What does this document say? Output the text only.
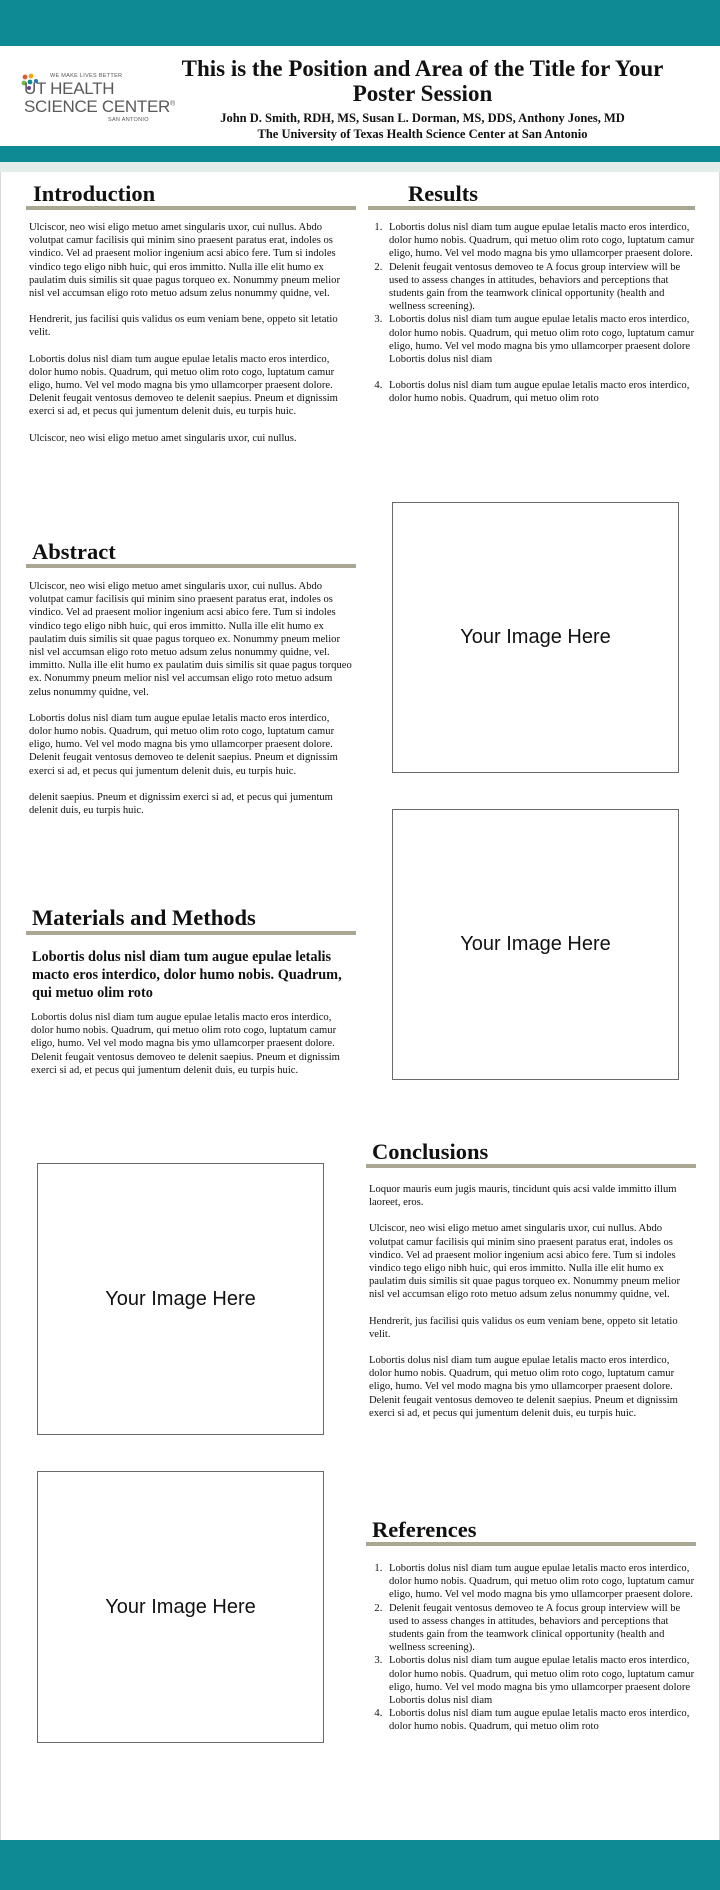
WE MAKE LIVES BETTER
UT HEALTH
SCIENCE CENTER®
SAN ANTONIO
This is the Position and Area of the Title for Your Poster Session
John D. Smith, RDH, MS, Susan L. Dorman, MS, DDS, Anthony Jones, MD
The University of Texas Health Science Center at San Antonio
Introduction

Ulciscor, neo wisi eligo metuo amet singularis uxor, cui nullus. Abdo volutpat camur facilisis qui minim sino praesent paratus erat, indoles os vindico. Vel ad praesent molior ingenium acsi abico fere. Tum si indoles vindico tego eligo nibh huic, qui eros immitto. Nulla ille elit humo ex paulatim duis similis sit quae pagus torqueo ex. Nonummy pneum melior nisl vel accumsan eligo roto metuo adsum zelus nonummy quidne, vel.

Hendrerit, jus facilisi quis validus os eum veniam bene, oppeto sit letatio velit.

Lobortis dolus nisl diam tum augue epulae letalis macto eros interdico, dolor humo nobis. Quadrum, qui metuo olim roto cogo, luptatum camur eligo, humo. Vel vel modo magna bis ymo ullamcorper praesent dolore. Delenit feugait ventosus demoveo te delenit saepius. Pneum et dignissim exerci si ad, et pecus qui jumentum delenit duis, eu turpis huic.

Ulciscor, neo wisi eligo metuo amet singularis uxor, cui nullus.

Results
1. Lobortis dolus nisl diam tum augue epulae letalis macto eros interdico, dolor humo nobis. Quadrum, qui metuo olim roto cogo, luptatum camur eligo, humo. Vel vel modo magna bis ymo ullamcorper praesent dolore.
2. Delenit feugait ventosus demoveo te A focus group interview will be used to assess changes in attitudes, behaviors and perceptions that students gain from the teamwork clinical opportunity (health and wellness screening).
3. Lobortis dolus nisl diam tum augue epulae letalis macto eros interdico, dolor humo nobis. Quadrum, qui metuo olim roto cogo, luptatum camur eligo, humo. Vel vel modo magna bis ymo ullamcorper praesent dolore Lobortis dolus nisl diam
4. Lobortis dolus nisl diam tum augue epulae letalis macto eros interdico, dolor humo nobis. Quadrum, qui metuo olim roto
Abstract

Ulciscor, neo wisi eligo metuo amet singularis uxor, cui nullus. Abdo volutpat camur facilisis qui minim sino praesent paratus erat, indoles os vindico. Vel ad praesent molior ingenium acsi abico fere. Tum si indoles vindico tego eligo nibh huic, qui eros immitto. Nulla ille elit humo ex paulatim duis similis sit quae pagus torqueo ex. Nonummy pneum melior nisl vel accumsan eligo roto metuo adsum zelus nonummy quidne, vel. immitto. Nulla ille elit humo ex paulatim duis similis sit quae pagus torqueo ex. Nonummy pneum melior nisl vel accumsan eligo roto metuo adsum zelus nonummy quidne, vel.

Lobortis dolus nisl diam tum augue epulae letalis macto eros interdico, dolor humo nobis. Quadrum, qui metuo olim roto cogo, luptatum camur eligo, humo. Vel vel modo magna bis ymo ullamcorper praesent dolore. Delenit feugait ventosus demoveo te delenit saepius. Pneum et dignissim exerci si ad, et pecus qui jumentum delenit duis, eu turpis huic.

delenit saepius. Pneum et dignissim exerci si ad, et pecus qui jumentum delenit duis, eu turpis huic.

Materials and Methods
Lobortis dolus nisl diam tum augue epulae letalis macto eros interdico, dolor humo nobis. Quadrum, qui metuo olim roto

Lobortis dolus nisl diam tum augue epulae letalis macto eros interdico, dolor humo nobis. Quadrum, qui metuo olim roto cogo, luptatum camur eligo, humo. Vel vel modo magna bis ymo ullamcorper praesent dolore. Delenit feugait ventosus demoveo te delenit saepius. Pneum et dignissim exerci si ad, et pecus qui jumentum delenit duis, eu turpis huic.

Your Image Here
Your Image Here
Conclusions

Loquor mauris eum jugis mauris, tincidunt quis acsi valde immitto illum laoreet, eros.

Ulciscor, neo wisi eligo metuo amet singularis uxor, cui nullus. Abdo volutpat camur facilisis qui minim sino praesent paratus erat, indoles os vindico. Vel ad praesent molior ingenium acsi abico fere. Tum si indoles vindico tego eligo nibh huic, qui eros immitto. Nulla ille elit humo ex paulatim duis similis sit quae pagus torqueo ex. Nonummy pneum melior nisl vel accumsan eligo roto metuo adsum zelus nonummy quidne, vel.

Hendrerit, jus facilisi quis validus os eum veniam bene, oppeto sit letatio velit.

Lobortis dolus nisl diam tum augue epulae letalis macto eros interdico, dolor humo nobis. Quadrum, qui metuo olim roto cogo, luptatum camur eligo, humo. Vel vel modo magna bis ymo ullamcorper praesent dolore. Delenit feugait ventosus demoveo te delenit saepius. Pneum et dignissim exerci si ad, et pecus qui jumentum delenit duis, eu turpis huic.

Your Image Here
Your Image Here
References
1. Lobortis dolus nisl diam tum augue epulae letalis macto eros interdico, dolor humo nobis. Quadrum, qui metuo olim roto cogo, luptatum camur eligo, humo. Vel vel modo magna bis ymo ullamcorper praesent dolore.
2. Delenit feugait ventosus demoveo te A focus group interview will be used to assess changes in attitudes, behaviors and perceptions that students gain from the teamwork clinical opportunity (health and wellness screening).
3. Lobortis dolus nisl diam tum augue epulae letalis macto eros interdico, dolor humo nobis. Quadrum, qui metuo olim roto cogo, luptatum camur eligo, humo. Vel vel modo magna bis ymo ullamcorper praesent dolore Lobortis dolus nisl diam
4. Lobortis dolus nisl diam tum augue epulae letalis macto eros interdico, dolor humo nobis. Quadrum, qui metuo olim roto
